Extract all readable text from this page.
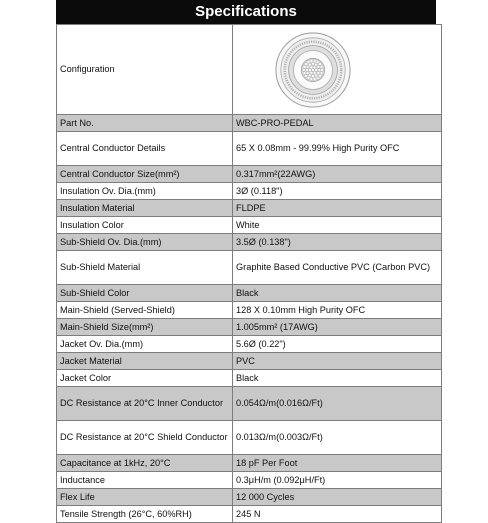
Specifications
Configuration	

Part No.	WBC-PRO-PEDAL
Central Conductor Details	65 X 0.08mm - 99.99% High Purity OFC
Central Conductor Size(mm²)	0.317mm²(22AWG)
Insulation Ov. Dia.(mm)	3Ø (0.118")
Insulation Material	FLDPE
Insulation Color	White
Sub-Shield Ov. Dia.(mm)	3.5Ø (0.138")
Sub-Shield Material	Graphite Based Conductive PVC (Carbon PVC)
Sub-Shield Color	Black
Main-Shield (Served-Shield)	128 X 0.10mm High Purity OFC
Main-Shield Size(mm²)	1.005mm² (17AWG)
Jacket Ov. Dia.(mm)	5.6Ø (0.22")
Jacket Material	PVC
Jacket Color	Black
DC Resistance at 20°C Inner Conductor	0.054Ω/m(0.016Ω/Ft)
DC Resistance at 20°C Shield Conductor	0.013Ω/m(0.003Ω/Ft)
Capacitance at 1kHz, 20°C	18 pF Per Foot
Inductance	0.3μH/m (0.092μH/Ft)
Flex Life	12 000 Cycles
Tensile Strength (26°C, 60%RH)	245 N
